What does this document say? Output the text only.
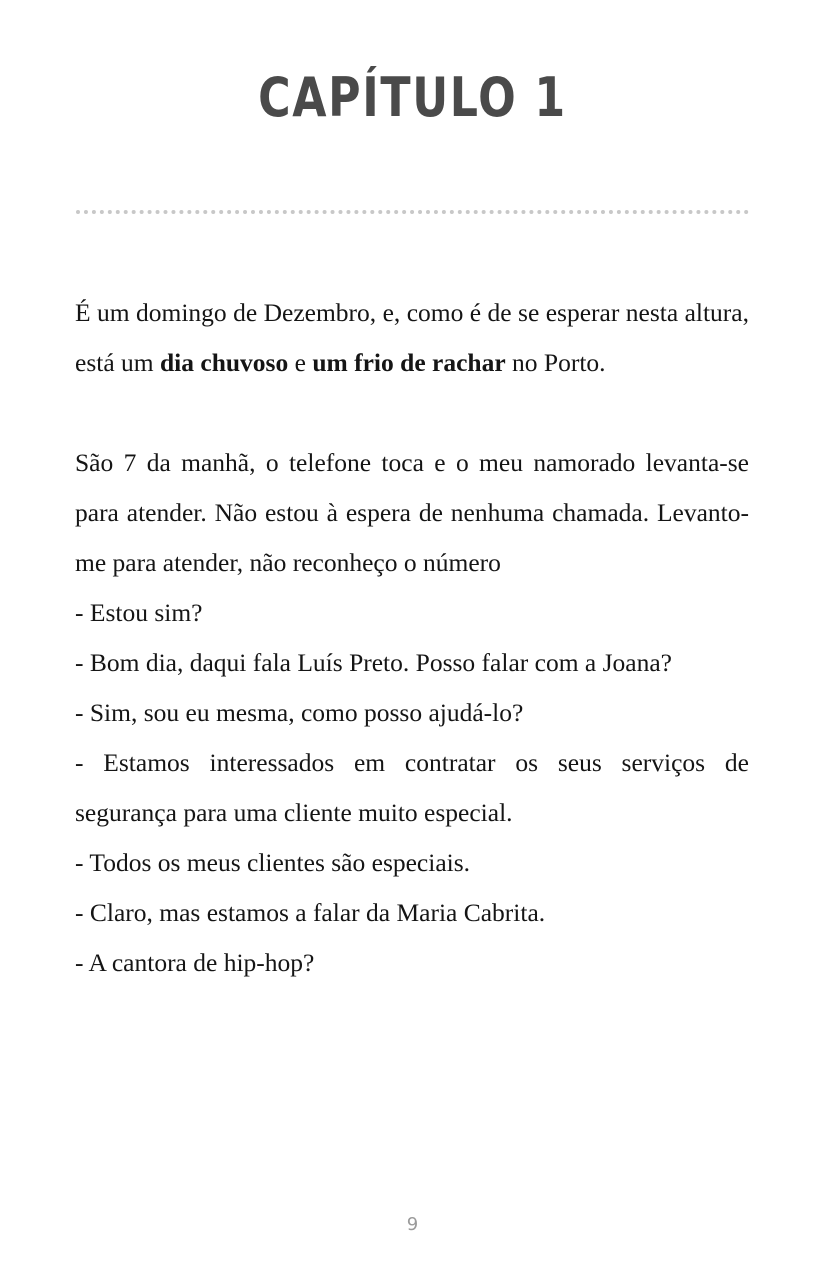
CAPÍTULO 1

É um domingo de Dezembro, e, como é de se esperar nesta altura, está um dia chuvoso e um frio de rachar no Porto.

São 7 da manhã, o telefone toca e o meu namorado levanta-se para atender. Não estou à espera de nenhuma chamada. Levanto-me para atender, não reconheço o número

- Estou sim?

- Bom dia, daqui fala Luís Preto. Posso falar com a Joana?

- Sim, sou eu mesma, como posso ajudá-lo?

- Estamos interessados em contratar os seus serviços de segurança para uma cliente muito especial.

- Todos os meus clientes são especiais.

- Claro, mas estamos a falar da Maria Cabrita.

- A cantora de hip-hop?

9
